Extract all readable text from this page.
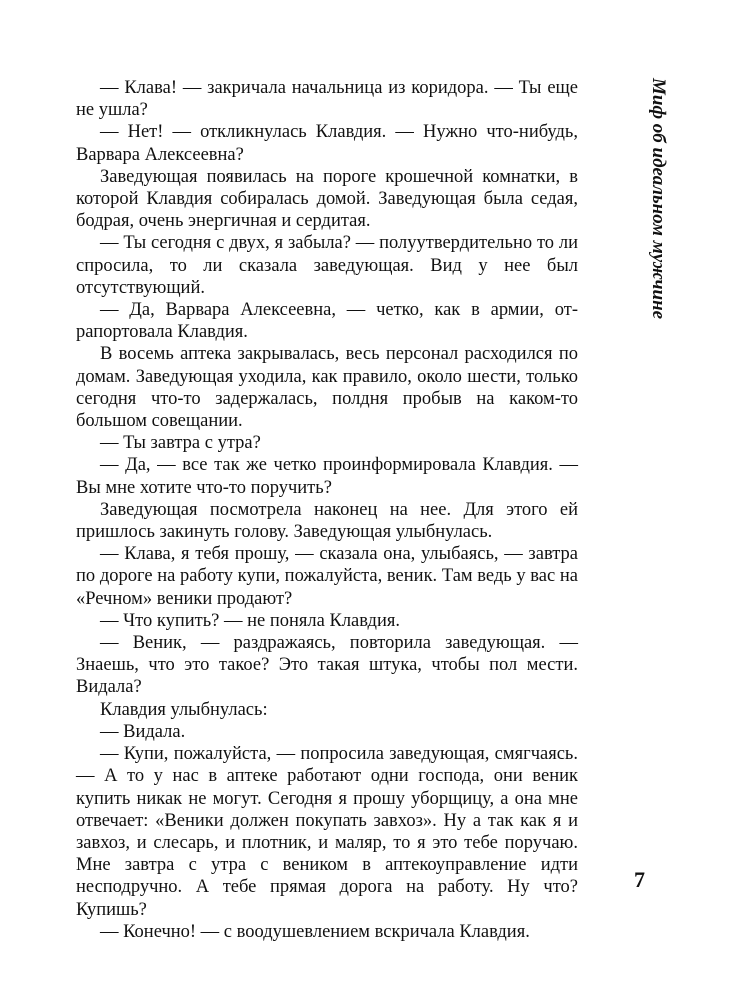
— Клава! — закричала начальница из коридора. — Ты еще не ушла?

— Нет! — откликнулась Клавдия. — Нужно что-нибудь, Варвара Алексеевна?

Заведующая появилась на пороге крошечной комнатки, в которой Клавдия собиралась домой. Заведующая была седая, бодрая, очень энергичная и сердитая.

— Ты сегодня с двух, я забыла? — полуутвердительно то ли спросила, то ли сказала заведующая. Вид у нее был отсутствующий.

— Да, Варвара Алексеевна, — четко, как в армии, отрапортовала Клавдия.

В восемь аптека закрывалась, весь персонал расходился по домам. Заведующая уходила, как правило, около шести, только сегодня что-то задержалась, полдня пробыв на каком-то большом совещании.

— Ты завтра с утра?

— Да, — все так же четко проинформировала Клавдия. — Вы мне хотите что-то поручить?

Заведующая посмотрела наконец на нее. Для этого ей пришлось закинуть голову. Заведующая улыбнулась.

— Клава, я тебя прошу, — сказала она, улыбаясь, — завтра по дороге на работу купи, пожалуйста, веник. Там ведь у вас на «Речном» веники продают?

— Что купить? — не поняла Клавдия.

— Веник, — раздражаясь, повторила заведующая. — Знаешь, что это такое? Это такая штука, чтобы пол мести. Видала?

Клавдия улыбнулась:

— Видала.

— Купи, пожалуйста, — попросила заведующая, смягчаясь. — А то у нас в аптеке работают одни господа, они веник купить никак не могут. Сегодня я прошу уборщицу, а она мне отвечает: «Веники должен покупать завхоз». Ну а так как я и завхоз, и слесарь, и плотник, и маляр, то я это тебе поручаю. Мне завтра с утра с веником в аптекоуправление идти несподручно. А тебе прямая дорога на работу. Ну что? Купишь?

— Конечно! — с воодушевлением вскричала Клавдия.

Миф об идеальном мужчине
7
